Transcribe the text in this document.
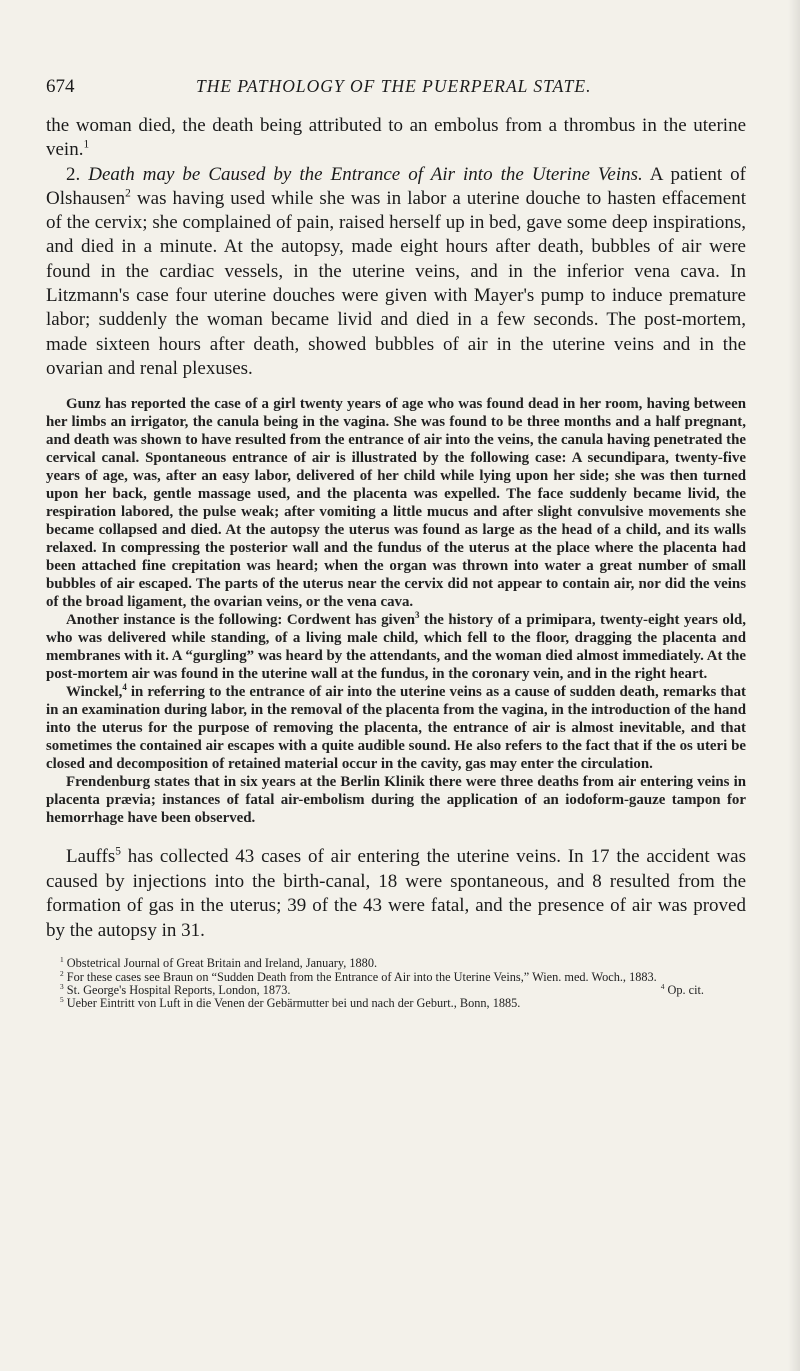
674	THE PATHOLOGY OF THE PUERPERAL STATE.

the woman died, the death being attributed to an embolus from a thrombus in the uterine vein.$^1$

2. Death may be Caused by the Entrance of Air into the Uterine Veins. A patient of Olshausen$^2$ was having used while she was in labor a uterine douche to hasten effacement of the cervix; she complained of pain, raised herself up in bed, gave some deep inspirations, and died in a minute. At the autopsy, made eight hours after death, bubbles of air were found in the cardiac vessels, in the uterine veins, and in the inferior vena cava. In Litzmann's case four uterine douches were given with Mayer's pump to induce premature labor; suddenly the woman became livid and died in a few seconds. The post-mortem, made sixteen hours after death, showed bubbles of air in the uterine veins and in the ovarian and renal plexuses.

Gunz has reported the case of a girl twenty years of age who was found dead in her room, having between her limbs an irrigator, the canula being in the vagina. She was found to be three months and a half pregnant, and death was shown to have resulted from the entrance of air into the veins, the canula having penetrated the cervical canal. Spontaneous entrance of air is illustrated by the following case: A secundipara, twenty-five years of age, was, after an easy labor, delivered of her child while lying upon her side; she was then turned upon her back, gentle massage used, and the placenta was expelled. The face suddenly became livid, the respiration labored, the pulse weak; after vomiting a little mucus and after slight convulsive movements she became collapsed and died. At the autopsy the uterus was found as large as the head of a child, and its walls relaxed. In compressing the posterior wall and the fundus of the uterus at the place where the placenta had been attached fine crepitation was heard; when the organ was thrown into water a great number of small bubbles of air escaped. The parts of the uterus near the cervix did not appear to contain air, nor did the veins of the broad ligament, the ovarian veins, or the vena cava.

Another instance is the following: Cordwent has given$^3$ the history of a primipara, twenty-eight years old, who was delivered while standing, of a living male child, which fell to the floor, dragging the placenta and membranes with it. A “gurgling” was heard by the attendants, and the woman died almost immediately. At the post-mortem air was found in the uterine wall at the fundus, in the coronary vein, and in the right heart.

Winckel,$^4$ in referring to the entrance of air into the uterine veins as a cause of sudden death, remarks that in an examination during labor, in the removal of the placenta from the vagina, in the introduction of the hand into the uterus for the purpose of removing the placenta, the entrance of air is almost inevitable, and that sometimes the contained air escapes with a quite audible sound. He also refers to the fact that if the os uteri be closed and decomposition of retained material occur in the cavity, gas may enter the circulation.

Frendenburg states that in six years at the Berlin Klinik there were three deaths from air entering veins in placenta prævia; instances of fatal air-embolism during the application of an iodoform-gauze tampon for hemorrhage have been observed.

Lauffs$^5$ has collected 43 cases of air entering the uterine veins. In 17 the accident was caused by injections into the birth-canal, 18 were spontaneous, and 8 resulted from the formation of gas in the uterus; 39 of the 43 were fatal, and the presence of air was proved by the autopsy in 31.

$^1$ Obstetrical Journal of Great Britain and Ireland, January, 1880.

$^2$ For these cases see Braun on “Sudden Death from the Entrance of Air into the Uterine Veins,” Wien. med. Woch., 1883.

$^3$ St. George's Hospital Reports, London, 1873.	$^4$ Op. cit.

$^5$ Ueber Eintritt von Luft in die Venen der Gebärmutter bei und nach der Geburt., Bonn, 1885.
